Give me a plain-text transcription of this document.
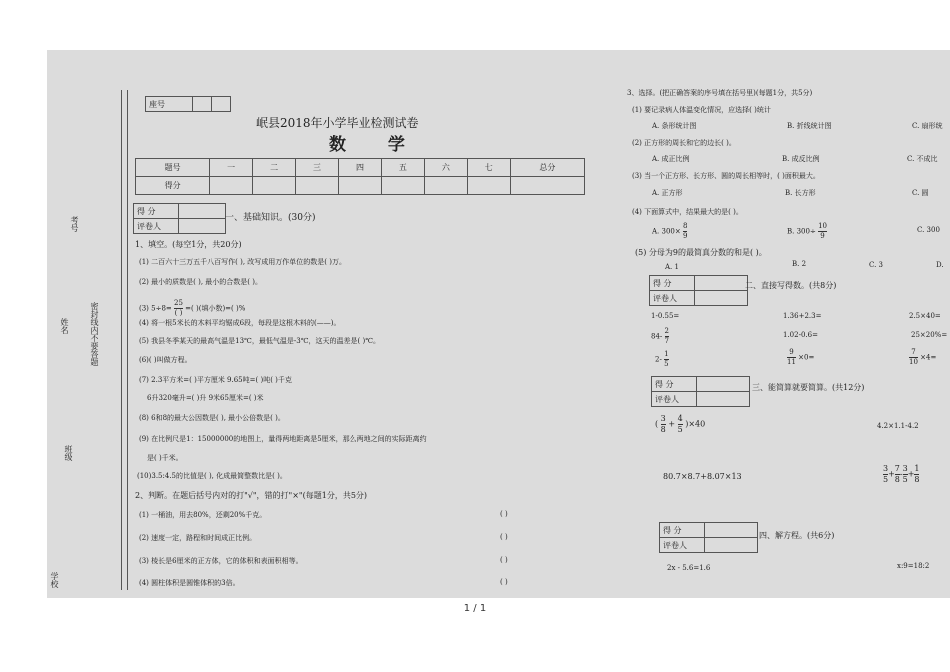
考号
姓名	密封线内不要答题
班级
学校
座号		
岷县2018年小学毕业检测试卷
数 学
题号	一	二	三	四	五	六	七	总分
得分								
得 分	
评卷人	
一、基础知识。(30分)
1、填空。(每空1分，共20分)
(1) 二百六十三万五千八百写作( ), 改写成用万作单位的数是( )万。
(2) 最小的质数是( ), 最小的合数是( )。
(3) 5÷8=
25
( )
=( )(填小数)=( )%
(4) 将一根5米长的木料平均锯成6段，每段是这根木料的(——)。
(5) 我县冬季某天的最高气温是13℃，最低气温是-3℃，这天的温差是( )℃。
(6)( )叫做方程。
(7) 2.3平方米=( )平方厘米 9.65吨=( )吨( )千克
6升320毫升=( )升 9米65厘米=( )米
(8) 6和8的最大公因数是( ), 最小公倍数是( )。
(9) 在比例尺是1：15000000的地图上，量得两地距离是5厘米，那么两地之间的实际距离约
是( )千米。
(10)3.5:4.5的比值是( ), 化成最简整数比是( )。
2、判断。在题后括号内对的打"√"，错的打"×"(每题1分，共5分)
(1) 一桶油，用去80%，还剩20%千克。	( )
(2) 速度一定，路程和时间成正比例。	( )
(3) 棱长是6厘米的正方体，它的体积和表面积相等。	( )
(4) 圆柱体积是圆锥体积的3倍。	( )
3、选择。(把正确答案的序号填在括号里)(每题1分，共5分)
(1) 要记录病人体温变化情况，应选择( )统计
A. 条形统计图	B. 折线统计图	C. 扇形统
(2) 正方形的周长和它的边长( )。
A. 成正比例	B. 成反比例	C. 不成比
(3) 当一个正方形、长方形、圆的周长相等时，( )面积最大。
A. 正方形	B. 长方形	C. 圆
(4) 下面算式中，结果最大的是( )。
A. $300\times \frac{8}{9}$	B. $300\div \frac{10}{9}$	C. 300
(5) 分母为9的最简真分数的和是( )。
A. 1	B. 2	C. 3	D.
得 分	
评卷人	
二、直接写得数。(共8分)
1-0.55=	1.36+2.3=	2.5×40=
$84- \frac{2}{7}$	1.02-0.6=	25×20%=
$2- \frac{1}{5}$	$\frac{9}{11} \times 0=$	$\frac{7}{10} \times 4=$
得 分	
评卷人	
三、能简算就要简算。(共12分)
( $\frac{3}{8} + \frac{4}{5} )\times 40$	4.2×1.1-4.2
80.7×8.7+8.07×13	$\frac{3}{5} + \frac{7}{8} - \frac{3}{5} + \frac{1}{8}$
得 分	
评卷人	
四、解方程。(共6分)
2x - 5.6=1.6	x:9=18:2
1 / 1
